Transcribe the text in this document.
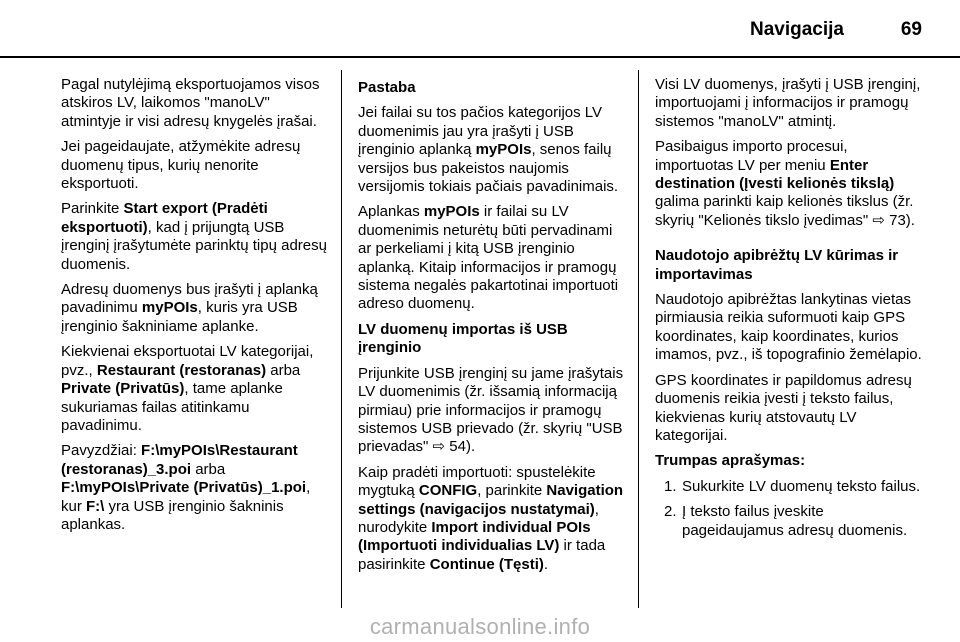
Navigacija	69

Pagal nutylėjimą eksportuojamos visos atskiros LV, laikomos "manoLV" atmintyje ir visi adresų knygelės įrašai.

Jei pageidaujate, atžymėkite adresų duomenų tipus, kurių nenorite eksportuoti.

Parinkite Start export (Pradėti eksportuoti), kad į prijungtą USB įrenginį įrašytumėte parinktų tipų adresų duomenis.

Adresų duomenys bus įrašyti į aplanką pavadinimu myPOIs, kuris yra USB įrenginio šakniniame aplanke.

Kiekvienai eksportuotai LV kategorijai, pvz., Restaurant (restoranas) arba Private (Privatūs), tame aplanke sukuriamas failas atitinkamu pavadinimu.

Pavyzdžiai: F:\myPOIs\Restaurant (restoranas)_3.poi arba
F:\myPOIs\Private (Privatūs)_1.poi, kur F:\ yra USB įrenginio šakninis aplankas.

Pastaba

Jei failai su tos pačios kategorijos LV duomenimis jau yra įrašyti į USB įrenginio aplanką myPOIs, senos failų versijos bus pakeistos naujomis versijomis tokiais pačiais pavadinimais.

Aplankas myPOIs ir failai su LV duomenimis neturėtų būti pervadinami ar perkeliami į kitą USB įrenginio aplanką. Kitaip informacijos ir pramogų sistema negalės pakartotinai importuoti adreso duomenų.

LV duomenų importas iš USB įrenginio

Prijunkite USB įrenginį su jame įrašytais LV duomenimis (žr. išsamią informaciją pirmiau) prie informacijos ir pramogų sistemos USB prievado (žr. skyrių "USB prievadas" ⇨ 54).

Kaip pradėti importuoti: spustelėkite mygtuką CONFIG, parinkite Navigation settings (navigacijos nustatymai), nurodykite Import individual POIs (Importuoti individualias LV) ir tada pasirinkite Continue (Tęsti).

Visi LV duomenys, įrašyti į USB įrenginį, importuojami į informacijos ir pramogų sistemos "manoLV" atmintį.

Pasibaigus importo procesui, importuotas LV per meniu Enter destination (Įvesti kelionės tikslą) galima parinkti kaip kelionės tikslus (žr. skyrių "Kelionės tikslo įvedimas" ⇨ 73).

Naudotojo apibrėžtų LV kūrimas ir importavimas

Naudotojo apibrėžtas lankytinas vietas pirmiausia reikia suformuoti kaip GPS koordinates, kaip koordinates, kurios imamos, pvz., iš topografinio žemėlapio.

GPS koordinates ir papildomus adresų duomenis reikia įvesti į teksto failus, kiekvienas kurių atstovautų LV kategorijai.

Trumpas aprašymas:

1. Sukurkite LV duomenų teksto failus.
2. Į teksto failus įveskite pageidaujamus adresų duomenis.
carmanualsonline.info
